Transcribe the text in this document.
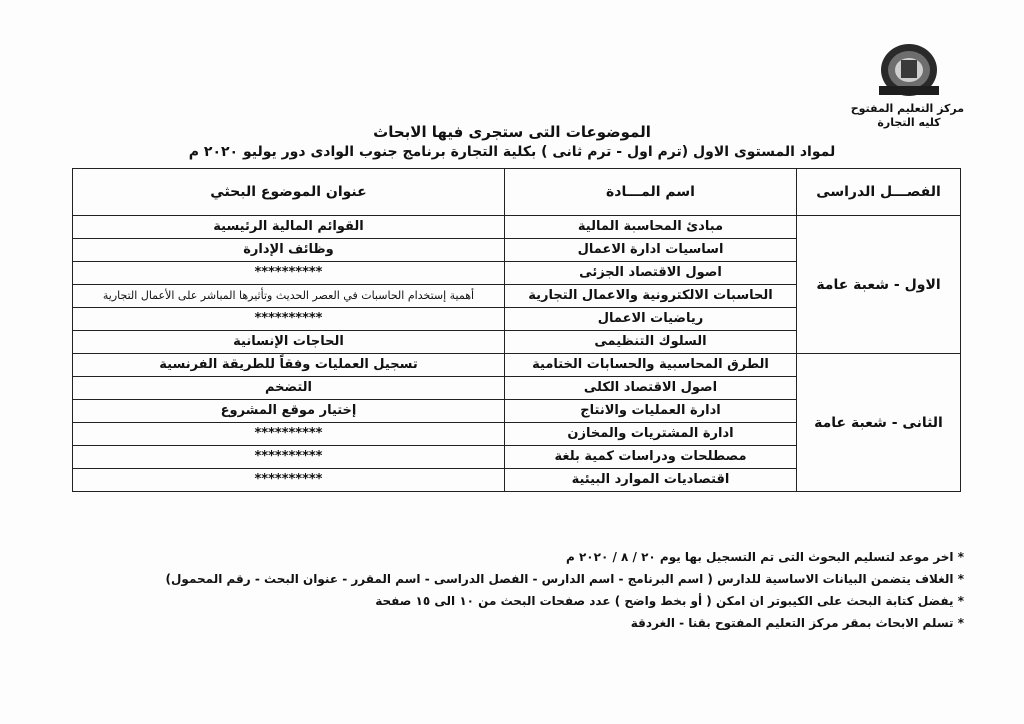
مركز التعليم المفتوح
كليه التجارة
الموضوعات التى ستجرى فيها الابحاث
لمواد المستوى الاول (ترم اول - ترم ثانى ) بكلية التجارة برنامج جنوب الوادى دور يوليو ٢٠٢٠ م
الفصـــل الدراسى	اسم المـــادة	عنوان الموضوع البحثي
الاول - شعبة عامة	مبادئ المحاسبة المالية	القوائم المالية الرئيسية
	اساسيات ادارة الاعمال	وظائف الإدارة
	اصول الاقتصاد الجزئى	**********
	الحاسبات الالكترونية والاعمال التجارية	أهمية إستخدام الحاسبات في العصر الحديث وتأثيرها المباشر على الأعمال التجارية
	رياضيات الاعمال	**********
	السلوك التنظيمى	الحاجات الإنسانية
الثانى - شعبة عامة	الطرق المحاسبية والحسابات الختامية	تسجيل العمليات وفقاً للطريقة الفرنسية
	اصول الاقتصاد الكلى	التضخم
	ادارة العمليات والانتاج	إختيار موقع المشروع
	ادارة المشتريات والمخازن	**********
	مصطلحات ودراسات كمية بلغة	**********
	اقتصاديات الموارد البيئية	**********
* اخر موعد لتسليم البحوث التى تم التسجيل بها يوم ٢٠ / ٨ / ٢٠٢٠ م
* الغلاف يتضمن البيانات الاساسية للدارس ( اسم البرنامج - اسم الدارس - الفصل الدراسى - اسم المقرر - عنوان البحث - رقم المحمول)
* يفضل كتابة البحث على الكيبوتر ان امكن ( أو بخط واضح ) عدد صفحات البحث من ١٠ الى ١٥ صفحة
* تسلم الابحاث بمقر مركز التعليم المفتوح بقنا - الغردقة
